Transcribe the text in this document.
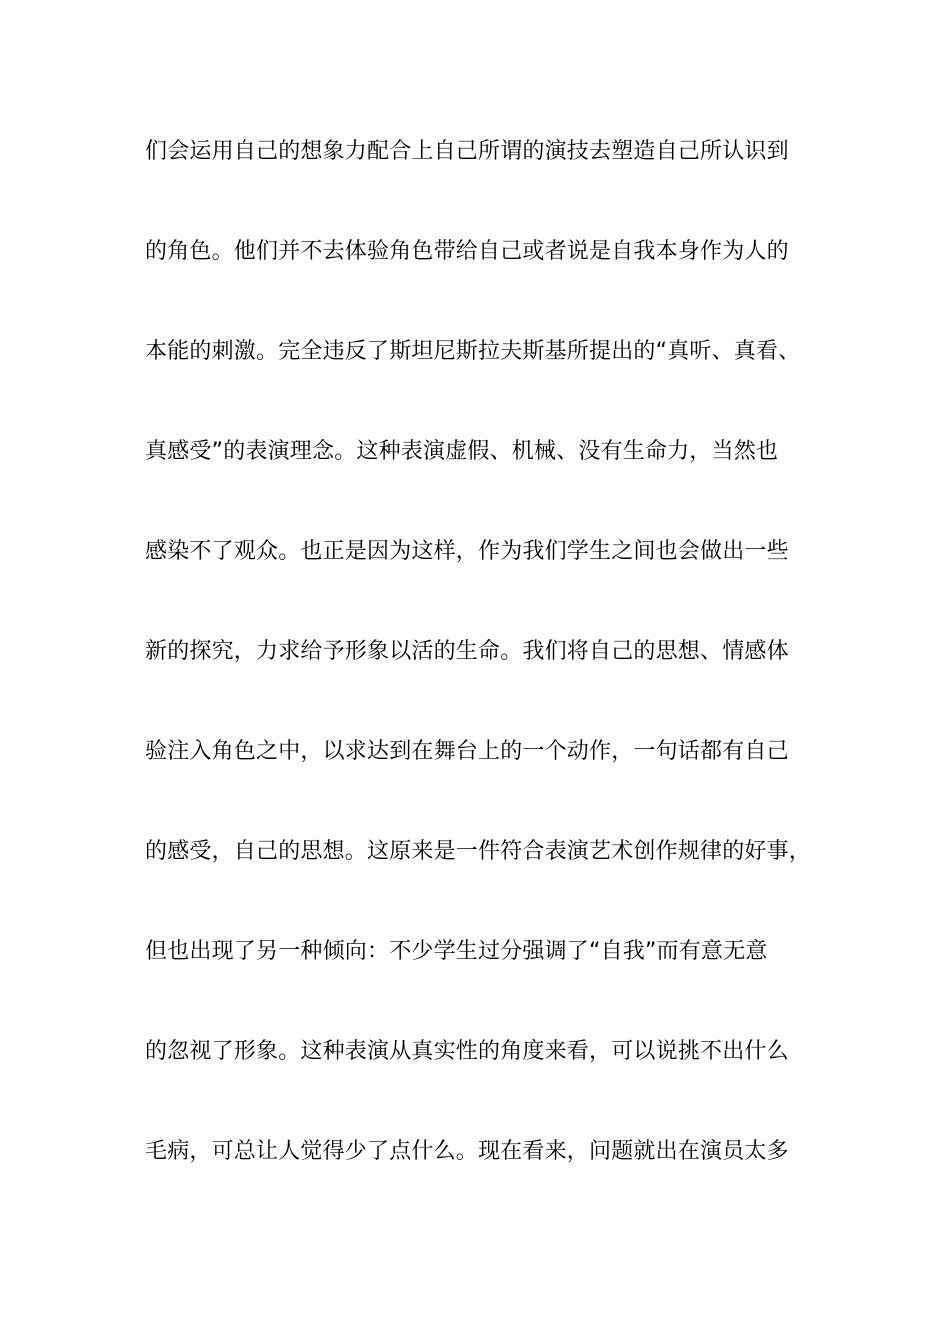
们会运用自己的想象力配合上自己所谓的演技去塑造自己所认识到
的角色。他们并不去体验角色带给自己或者说是自我本身作为人的
本能的刺激。完全违反了斯坦尼斯拉夫斯基所提出的“真听、真看、
真感受”的表演理念。这种表演虚假、机械、没有生命力，当然也
感染不了观众。也正是因为这样，作为我们学生之间也会做出一些
新的探究，力求给予形象以活的生命。我们将自己的思想、情感体
验注入角色之中，以求达到在舞台上的一个动作，一句话都有自己
的感受，自己的思想。这原来是一件符合表演艺术创作规律的好事，
但也出现了另一种倾向：不少学生过分强调了“自我”而有意无意
的忽视了形象。这种表演从真实性的角度来看，可以说挑不出什么
毛病，可总让人觉得少了点什么。现在看来，问题就出在演员太多
